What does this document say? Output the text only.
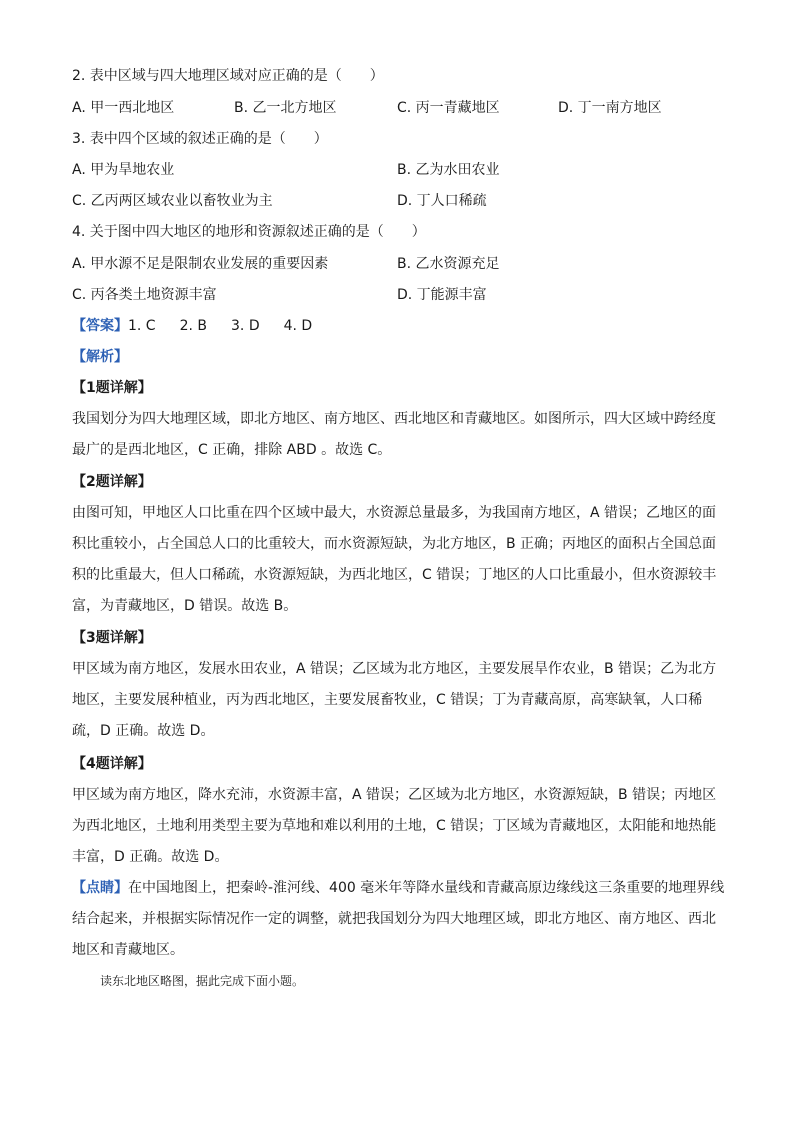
2. 表中区域与四大地理区域对应正确的是（　　）
A. 甲一西北地区	B. 乙一北方地区	C. 丙一青藏地区	D. 丁一南方地区
3. 表中四个区域的叙述正确的是（　　）
A. 甲为旱地农业	B. 乙为水田农业
C. 乙丙两区域农业以畜牧业为主	D. 丁人口稀疏
4. 关于图中四大地区的地形和资源叙述正确的是（　　）
A. 甲水源不足是限制农业发展的重要因素	B. 乙水资源充足
C. 丙各类土地资源丰富	D. 丁能源丰富
【答案】1. C 2. B 3. D 4. D
【解析】
【1题详解】
我国划分为四大地理区域，即北方地区、南方地区、西北地区和青藏地区。如图所示，四大区域中跨经度
最广的是西北地区，C 正确，排除 ABD 。故选 C。
【2题详解】
由图可知，甲地区人口比重在四个区域中最大，水资源总量最多，为我国南方地区，A 错误；乙地区的面
积比重较小，占全国总人口的比重较大，而水资源短缺，为北方地区，B 正确；丙地区的面积占全国总面
积的比重最大，但人口稀疏，水资源短缺，为西北地区，C 错误；丁地区的人口比重最小，但水资源较丰
富，为青藏地区，D 错误。故选 B。
【3题详解】
甲区域为南方地区，发展水田农业，A 错误；乙区域为北方地区，主要发展旱作农业，B 错误；乙为北方
地区，主要发展种植业，丙为西北地区，主要发展畜牧业，C 错误；丁为青藏高原，高寒缺氧，人口稀
疏，D 正确。故选 D。
【4题详解】
甲区域为南方地区，降水充沛，水资源丰富，A 错误；乙区域为北方地区，水资源短缺，B 错误；丙地区
为西北地区，土地利用类型主要为草地和难以利用的土地，C 错误；丁区域为青藏地区，太阳能和地热能
丰富，D 正确。故选 D。
【点睛】在中国地图上，把秦岭-淮河线、400 毫米年等降水量线和青藏高原边缘线这三条重要的地理界线
结合起来，并根据实际情况作一定的调整，就把我国划分为四大地理区域，即北方地区、南方地区、西北
地区和青藏地区。
读东北地区略图，据此完成下面小题。
